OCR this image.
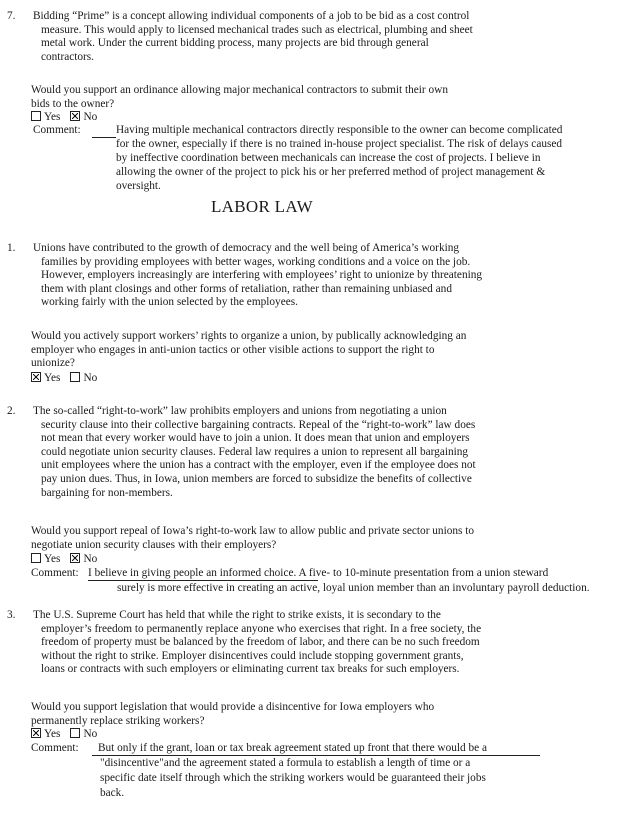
7. Bidding “Prime” is a concept allowing individual components of a job to be bid as a cost control
measure. This would apply to licensed mechanical trades such as electrical, plumbing and sheet
metal work. Under the current bidding process, many projects are bid through general
contractors.
Would you support an ordinance allowing major mechanical contractors to submit their own
bids to the owner?
Yes No
Comment:	Having multiple mechanical contractors directly responsible to the owner can become complicated
for the owner, especially if there is no trained in-house project specialist. The risk of delays caused
by ineffective coordination between mechanicals can increase the cost of projects. I believe in
allowing the owner of the project to pick his or her preferred method of project management &
oversight.
LABOR LAW
1. Unions have contributed to the growth of democracy and the well being of America’s working
families by providing employees with better wages, working conditions and a voice on the job.
However, employers increasingly are interfering with employees’ right to unionize by threatening
them with plant closings and other forms of retaliation, rather than remaining unbiased and
working fairly with the union selected by the employees.
Would you actively support workers’ rights to organize a union, by publically acknowledging an
employer who engages in anti-union tactics or other visible actions to support the right to
unionize?
Yes No
2. The so-called “right-to-work” law prohibits employers and unions from negotiating a union
security clause into their collective bargaining contracts. Repeal of the “right-to-work” law does
not mean that every worker would have to join a union. It does mean that union and employers
could negotiate union security clauses. Federal law requires a union to represent all bargaining
unit employees where the union has a contract with the employer, even if the employee does not
pay union dues. Thus, in Iowa, union members are forced to subsidize the benefits of collective
bargaining for non-members.
Would you support repeal of Iowa’s right-to-work law to allow public and private sector unions to
negotiate union security clauses with their employers?
Yes No
Comment: I believe in giving people an informed choice. A five- to 10-minute presentation from a union steward
surely is more effective in creating an active, loyal union member than an involuntary payroll deduction.
3. The U.S. Supreme Court has held that while the right to strike exists, it is secondary to the
employer’s freedom to permanently replace anyone who exercises that right. In a free society, the
freedom of property must be balanced by the freedom of labor, and there can be no such freedom
without the right to strike. Employer disincentives could include stopping government grants,
loans or contracts with such employers or eliminating current tax breaks for such employers.
Would you support legislation that would provide a disincentive for Iowa employers who
permanently replace striking workers?
Yes No
Comment: But only if the grant, loan or tax break agreement stated up front that there would be a
"disincentive"and the agreement stated a formula to establish a length of time or a
specific date itself through which the striking workers would be guaranteed their jobs
back.
